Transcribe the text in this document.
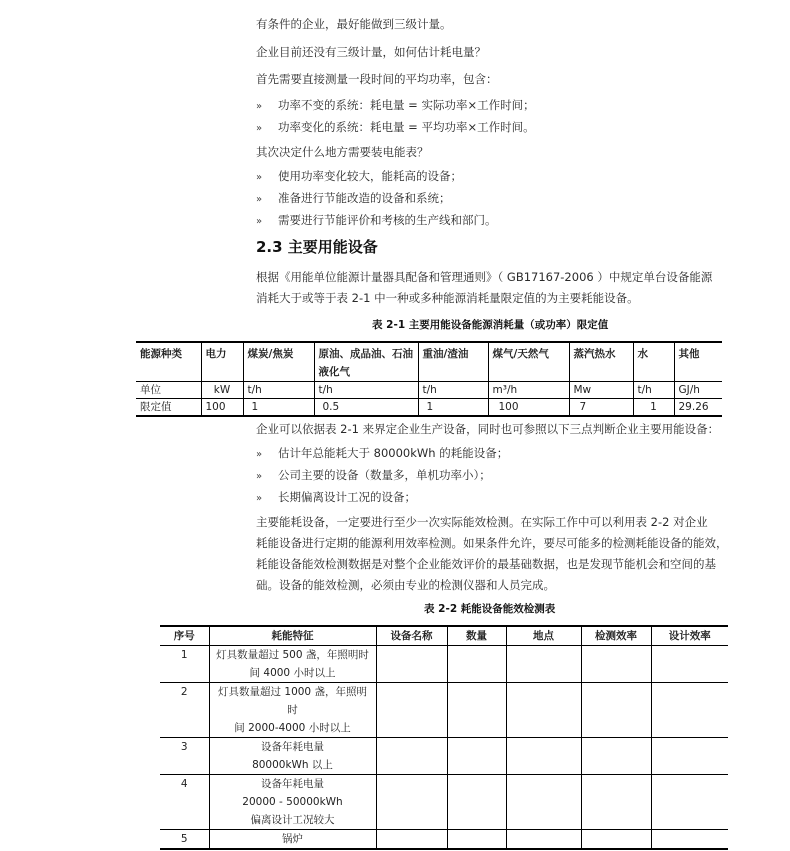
有条件的企业，最好能做到三级计量。
企业目前还没有三级计量，如何估计耗电量？
首先需要直接测量一段时间的平均功率，包含：
» 功率不变的系统：耗电量 = 实际功率×工作时间；
» 功率变化的系统：耗电量 = 平均功率×工作时间。
其次决定什么地方需要装电能表？
» 使用功率变化较大，能耗高的设备；
» 准备进行节能改造的设备和系统；
» 需要进行节能评价和考核的生产线和部门。
2.3 主要用能设备
根据《用能单位能源计量器具配备和管理通则》（ GB17167-2006 ）中规定单台设备能源
消耗大于或等于表 2-1 中一种或多种能源消耗量限定值的为主要耗能设备。
表 2-1 主要用能设备能源消耗量（或功率）限定值
能源种类	电力	煤炭/焦炭	原油、成品油、石油液化气	重油/渣油	煤气/天然气	蒸汽热水	水	其他
单位	kW	t/h	t/h	t/h	m³/h	Mw	t/h	GJ/h
限定值	100	1	0.5	1	100	7	1	29.26
企业可以依据表 2-1 来界定企业生产设备，同时也可参照以下三点判断企业主要用能设备：
» 估计年总能耗大于 80000kWh 的耗能设备；
» 公司主要的设备（数量多，单机功率小）；
» 长期偏离设计工况的设备；
主要能耗设备，一定要进行至少一次实际能效检测。在实际工作中可以利用表 2-2 对企业
耗能设备进行定期的能源利用效率检测。如果条件允许，要尽可能多的检测耗能设备的能效，
耗能设备能效检测数据是对整个企业能效评价的最基础数据，也是发现节能机会和空间的基
础。设备的能效检测，必须由专业的检测仪器和人员完成。
表 2-2 耗能设备能效检测表
序号	耗能特征	设备名称	数量	地点	检测效率	设计效率
1	灯具数量超过 500 盏，年照明时
间 4000 小时以上					

2	灯具数量超过 1000 盏，年照明时
间 2000-4000 小时以上					

3	设备年耗电量
80000kWh 以上					

4	设备年耗电量
20000 - 50000kWh
偏离设计工况较大					

5	锅炉					
